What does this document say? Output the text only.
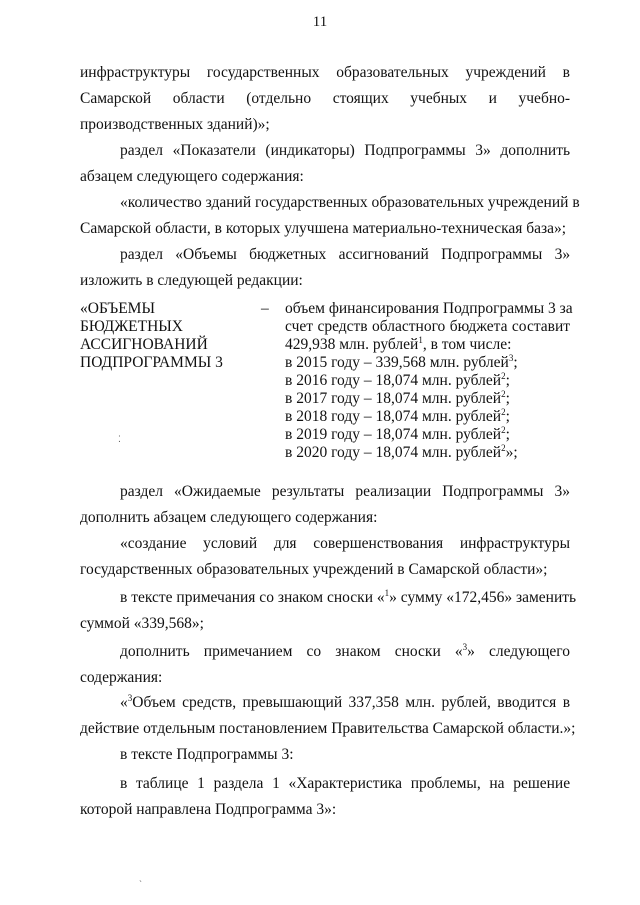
11
инфраструктуры государственных образовательных учреждений в
Самарской области (отдельно стоящих учебных и учебно-
производственных зданий)»;
раздел «Показатели (индикаторы) Подпрограммы 3» дополнить
абзацем следующего содержания:
«количество зданий государственных образовательных учреждений в
Самарской области, в которых улучшена материально-техническая база»;
раздел «Объемы бюджетных ассигнований Подпрограммы 3»
изложить в следующей редакции:
«ОБЪЕМЫ
БЮДЖЕТНЫХ
АССИГНОВАНИЙ
ПОДПРОГРАММЫ 3
– объем финансирования Подпрограммы 3 за
счет средств областного бюджета составит
429,938 млн. рублей$^1$, в том числе:
в 2015 году – 339,568 млн. рублей$^3$;
в 2016 году – 18,074 млн. рублей$^2$;
в 2017 году – 18,074 млн. рублей$^2$;
в 2018 году – 18,074 млн. рублей$^2$;
в 2019 году – 18,074 млн. рублей$^2$;
в 2020 году – 18,074 млн. рублей$^2$»;
⁚
раздел «Ожидаемые результаты реализации Подпрограммы 3»
дополнить абзацем следующего содержания:
«создание условий для совершенствования инфраструктуры
государственных образовательных учреждений в Самарской области»;
в тексте примечания со знаком сноски «$^1$» сумму «172,456» заменить
суммой «339,568»;
дополнить примечанием со знаком сноски «$^3$» следующего
содержания:
«$^3$Объем средств, превышающий 337,358 млн. рублей, вводится в
действие отдельным постановлением Правительства Самарской области.»;
в тексте Подпрограммы 3:
в таблице 1 раздела 1 «Характеристика проблемы, на решение
которой направлена Подпрограмма 3»:
ˎ
